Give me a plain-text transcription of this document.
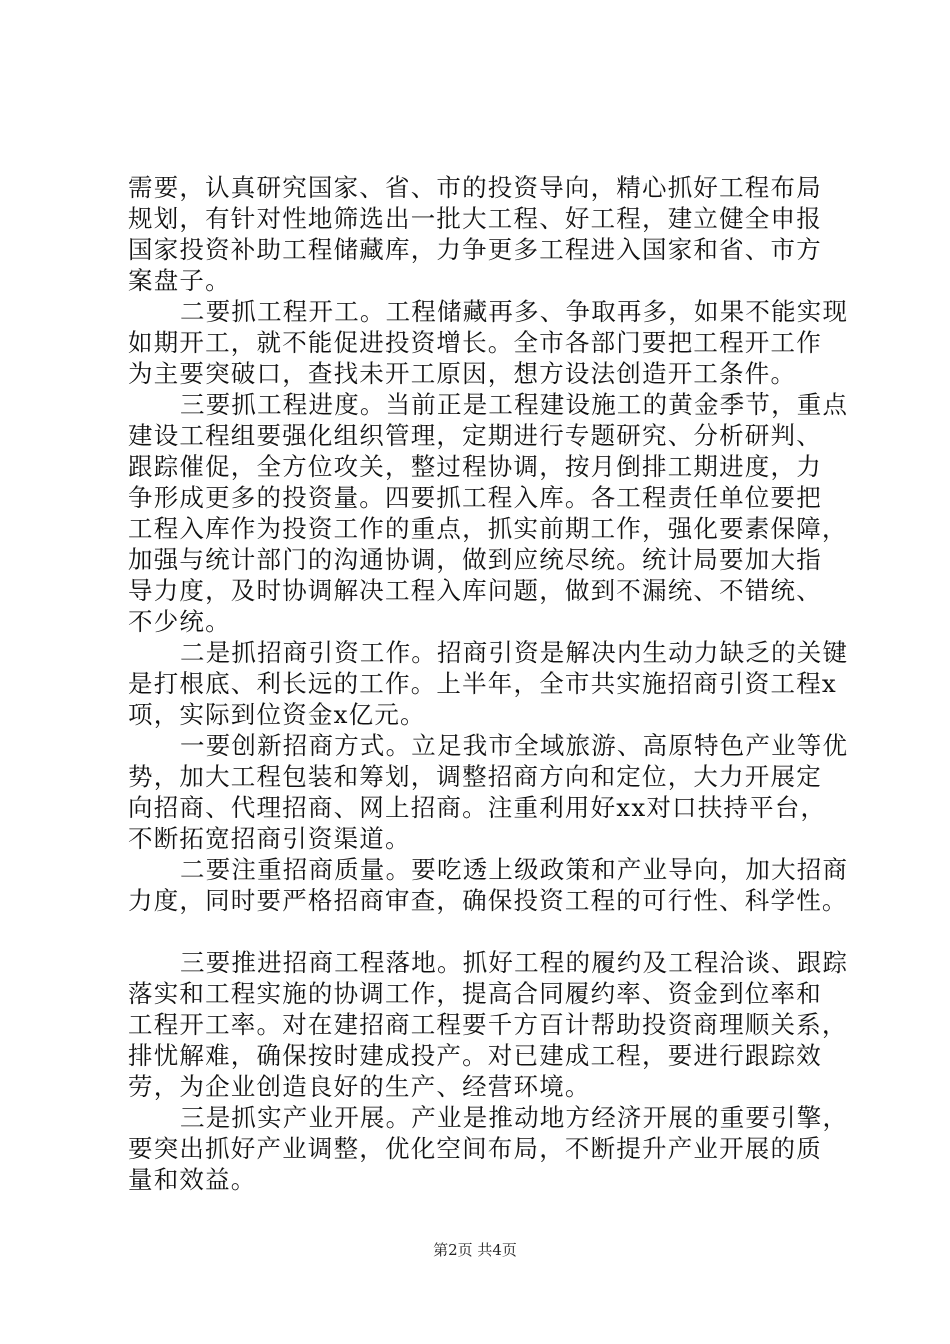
需要，认真研究国家、省、市的投资导向，精心抓好工程布局
规划，有针对性地筛选出一批大工程、好工程，建立健全申报
国家投资补助工程储藏库，力争更多工程进入国家和省、市方
案盘子。
二要抓工程开工。工程储藏再多、争取再多，如果不能实现
如期开工，就不能促进投资增长。全市各部门要把工程开工作
为主要突破口，查找未开工原因，想方设法创造开工条件。
三要抓工程进度。当前正是工程建设施工的黄金季节，重点
建设工程组要强化组织管理，定期进行专题研究、分析研判、
跟踪催促，全方位攻关，整过程协调，按月倒排工期进度，力
争形成更多的投资量。四要抓工程入库。各工程责任单位要把
工程入库作为投资工作的重点，抓实前期工作，强化要素保障，
加强与统计部门的沟通协调，做到应统尽统。统计局要加大指
导力度，及时协调解决工程入库问题，做到不漏统、不错统、
不少统。
二是抓招商引资工作。招商引资是解决内生动力缺乏的关键
是打根底、利长远的工作。上半年，全市共实施招商引资工程x
项，实际到位资金x亿元。
一要创新招商方式。立足我市全域旅游、高原特色产业等优
势，加大工程包装和筹划，调整招商方向和定位，大力开展定
向招商、代理招商、网上招商。注重利用好xx对口扶持平台，
不断拓宽招商引资渠道。
二要注重招商质量。要吃透上级政策和产业导向，加大招商
力度，同时要严格招商审查，确保投资工程的可行性、科学性。
三要推进招商工程落地。抓好工程的履约及工程洽谈、跟踪
落实和工程实施的协调工作，提高合同履约率、资金到位率和
工程开工率。对在建招商工程要千方百计帮助投资商理顺关系，
排忧解难，确保按时建成投产。对已建成工程，要进行跟踪效
劳，为企业创造良好的生产、经营环境。
三是抓实产业开展。产业是推动地方经济开展的重要引擎，
要突出抓好产业调整，优化空间布局，不断提升产业开展的质
量和效益。
第2页 共4页
